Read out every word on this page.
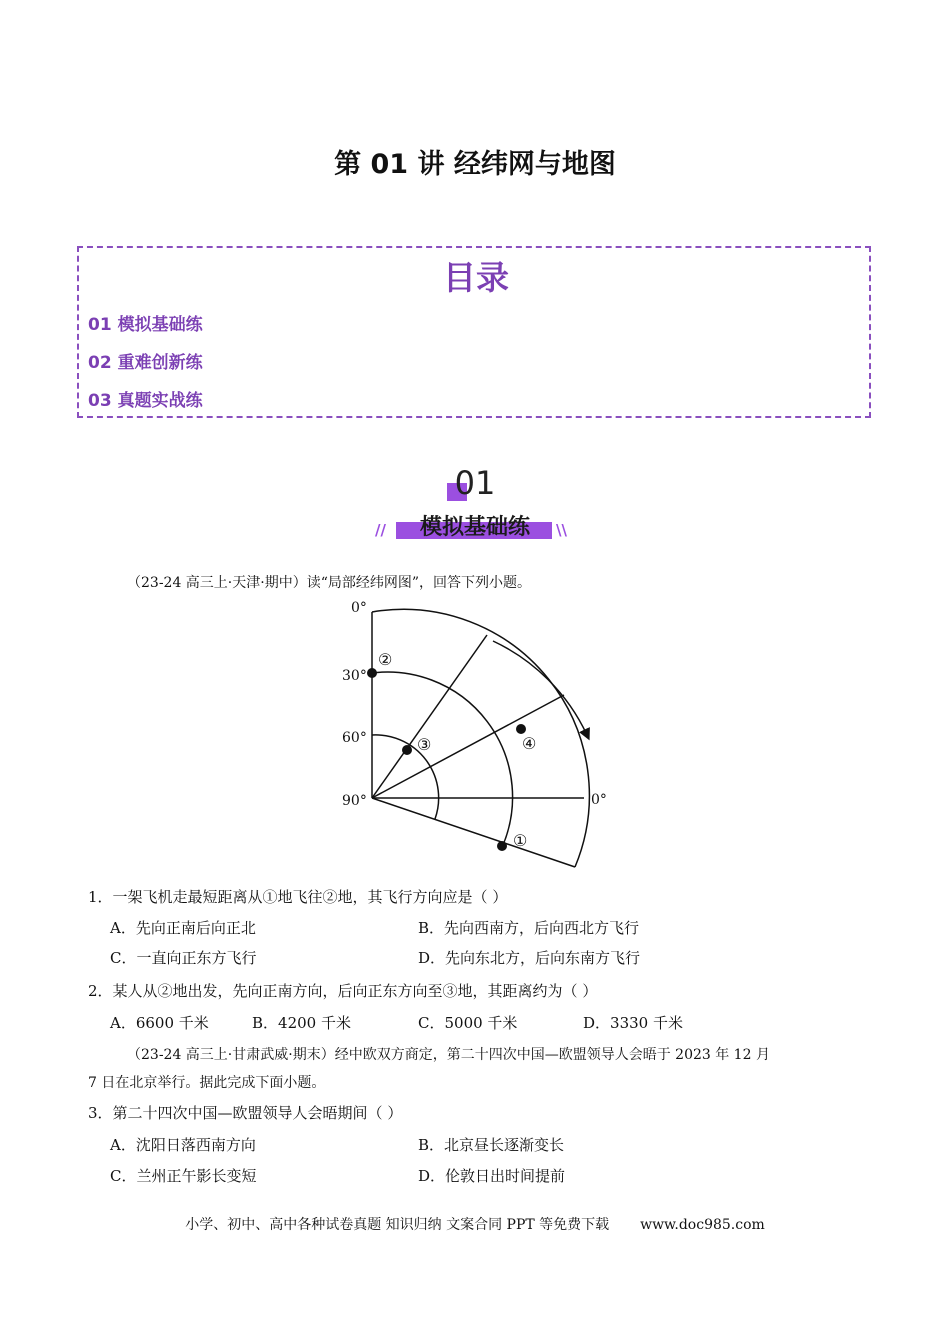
第 01 讲 经纬网与地图
目录
01 模拟基础练
02 重难创新练
03 真题实战练
01
模拟基础练
//	\\
（23-24 高三上·天津·期中）读“局部经纬网图”，回答下列小题。
0°
30°
60°
90°	0°
②
③	④
①
1．一架飞机走最短距离从①地飞往②地，其飞行方向应是（ ）
A．先向正南后向正北	B．先向西南方，后向西北方飞行
C．一直向正东方飞行	D．先向东北方，后向东南方飞行
2．某人从②地出发，先向正南方向，后向正东方向至③地，其距离约为（ ）
A．6600 千米	B．4200 千米	C．5000 千米	D．3330 千米
（23-24 高三上·甘肃武威·期末）经中欧双方商定，第二十四次中国—欧盟领导人会晤于 2023 年 12 月
7 日在北京举行。据此完成下面小题。
3．第二十四次中国—欧盟领导人会晤期间（ ）
A．沈阳日落西南方向	B．北京昼长逐渐变长
C．兰州正午影长变短	D．伦敦日出时间提前
小学、初中、高中各种试卷真题 知识归纳 文案合同 PPT 等免费下载 www.doc985.com
